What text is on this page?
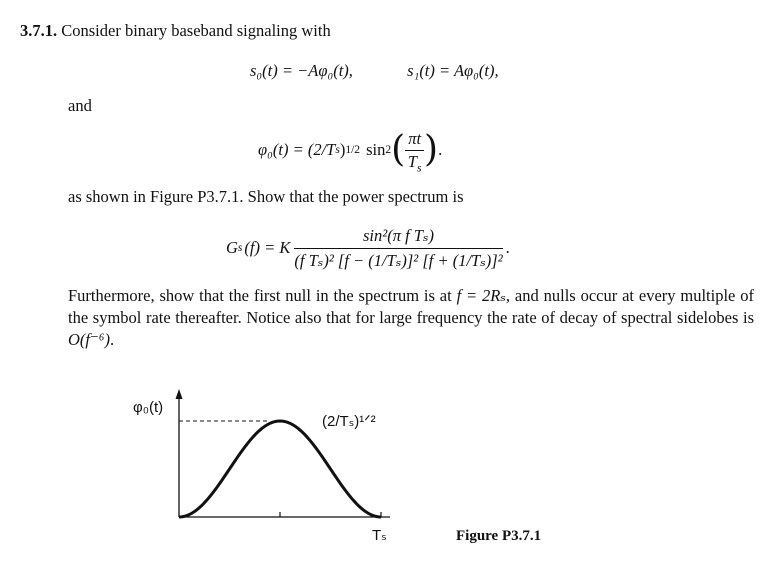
3.7.1. Consider binary baseband signaling with
s₀(t) = −Aφ₀(t),	s₁(t) = Aφ₀(t),
and
φ₀(t) = (2/T s ) 1/2 sin 2 ( $\frac{\pi t}{T_s}$ ) .
as shown in Figure P3.7.1. Show that the power spectrum is
G s (f) = K $\frac{\text{sin²(π f Tₛ)}}{\text{(f Tₛ)² [f − (1/Tₛ)]² [f + (1/Tₛ)]²}}$ .
Furthermore, show that the first null in the spectrum is at f = 2Rₛ, and nulls occur at every multiple of the symbol rate thereafter. Notice also that for large frequency the rate of decay of spectral sidelobes is O(f⁻⁶).
φ₀(t)
(2/Tₛ)¹ᐟ²
Tₛ	Figure P3.7.1
